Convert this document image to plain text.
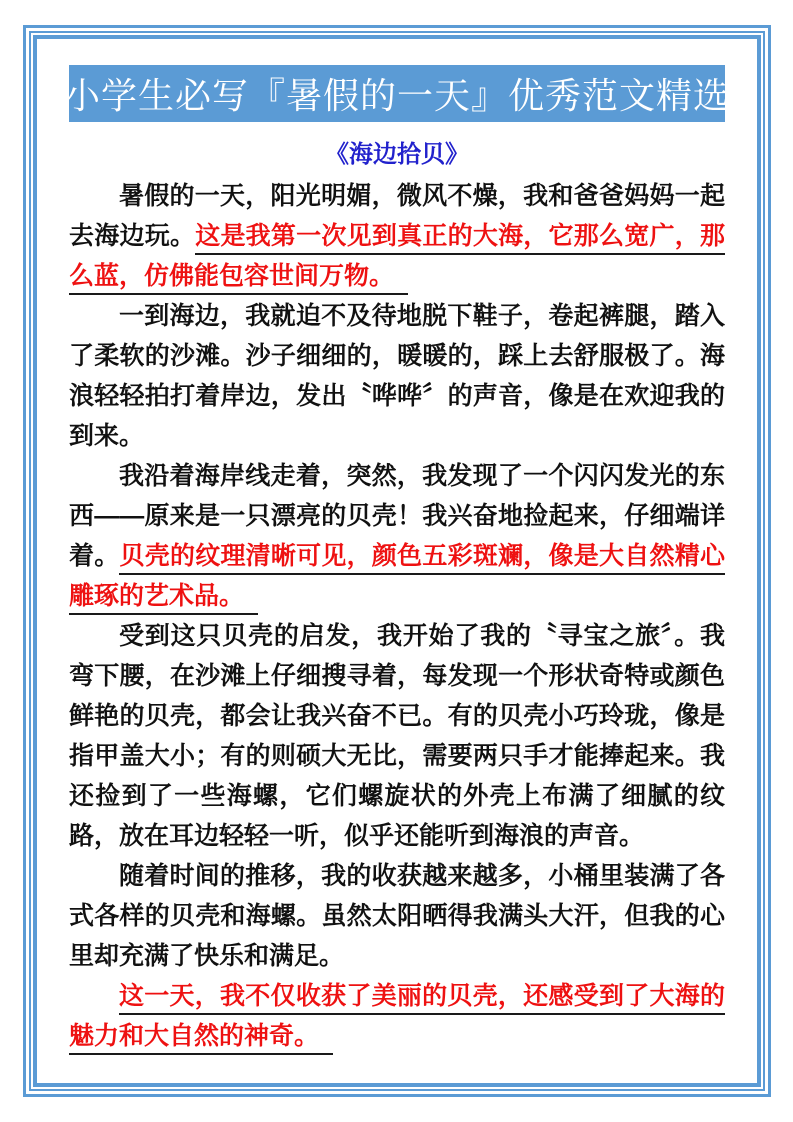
小学生必写『暑假的一天』优秀范文精选
《海边拾贝》

暑假的一天，阳光明媚，微风不燥，我和爸爸妈妈一起去海边玩。这是我第一次见到真正的大海，它那么宽广，那么蓝，仿佛能包容世间万物。

一到海边，我就迫不及待地脱下鞋子，卷起裤腿，踏入了柔软的沙滩。沙子细细的，暖暖的，踩上去舒服极了。海浪轻轻拍打着岸边，发出〝哗哗〞的声音，像是在欢迎我的到来。

我沿着海岸线走着，突然，我发现了一个闪闪发光的东西——原来是一只漂亮的贝壳！我兴奋地捡起来，仔细端详着。贝壳的纹理清晰可见，颜色五彩斑斓，像是大自然精心雕琢的艺术品。

受到这只贝壳的启发，我开始了我的〝寻宝之旅〞。我弯下腰，在沙滩上仔细搜寻着，每发现一个形状奇特或颜色鲜艳的贝壳，都会让我兴奋不已。有的贝壳小巧玲珑，像是指甲盖大小；有的则硕大无比，需要两只手才能捧起来。我还捡到了一些海螺，它们螺旋状的外壳上布满了细腻的纹路，放在耳边轻轻一听，似乎还能听到海浪的声音。

随着时间的推移，我的收获越来越多，小桶里装满了各式各样的贝壳和海螺。虽然太阳晒得我满头大汗，但我的心里却充满了快乐和满足。

这一天，我不仅收获了美丽的贝壳，还感受到了大海的魅力和大自然的神奇。
